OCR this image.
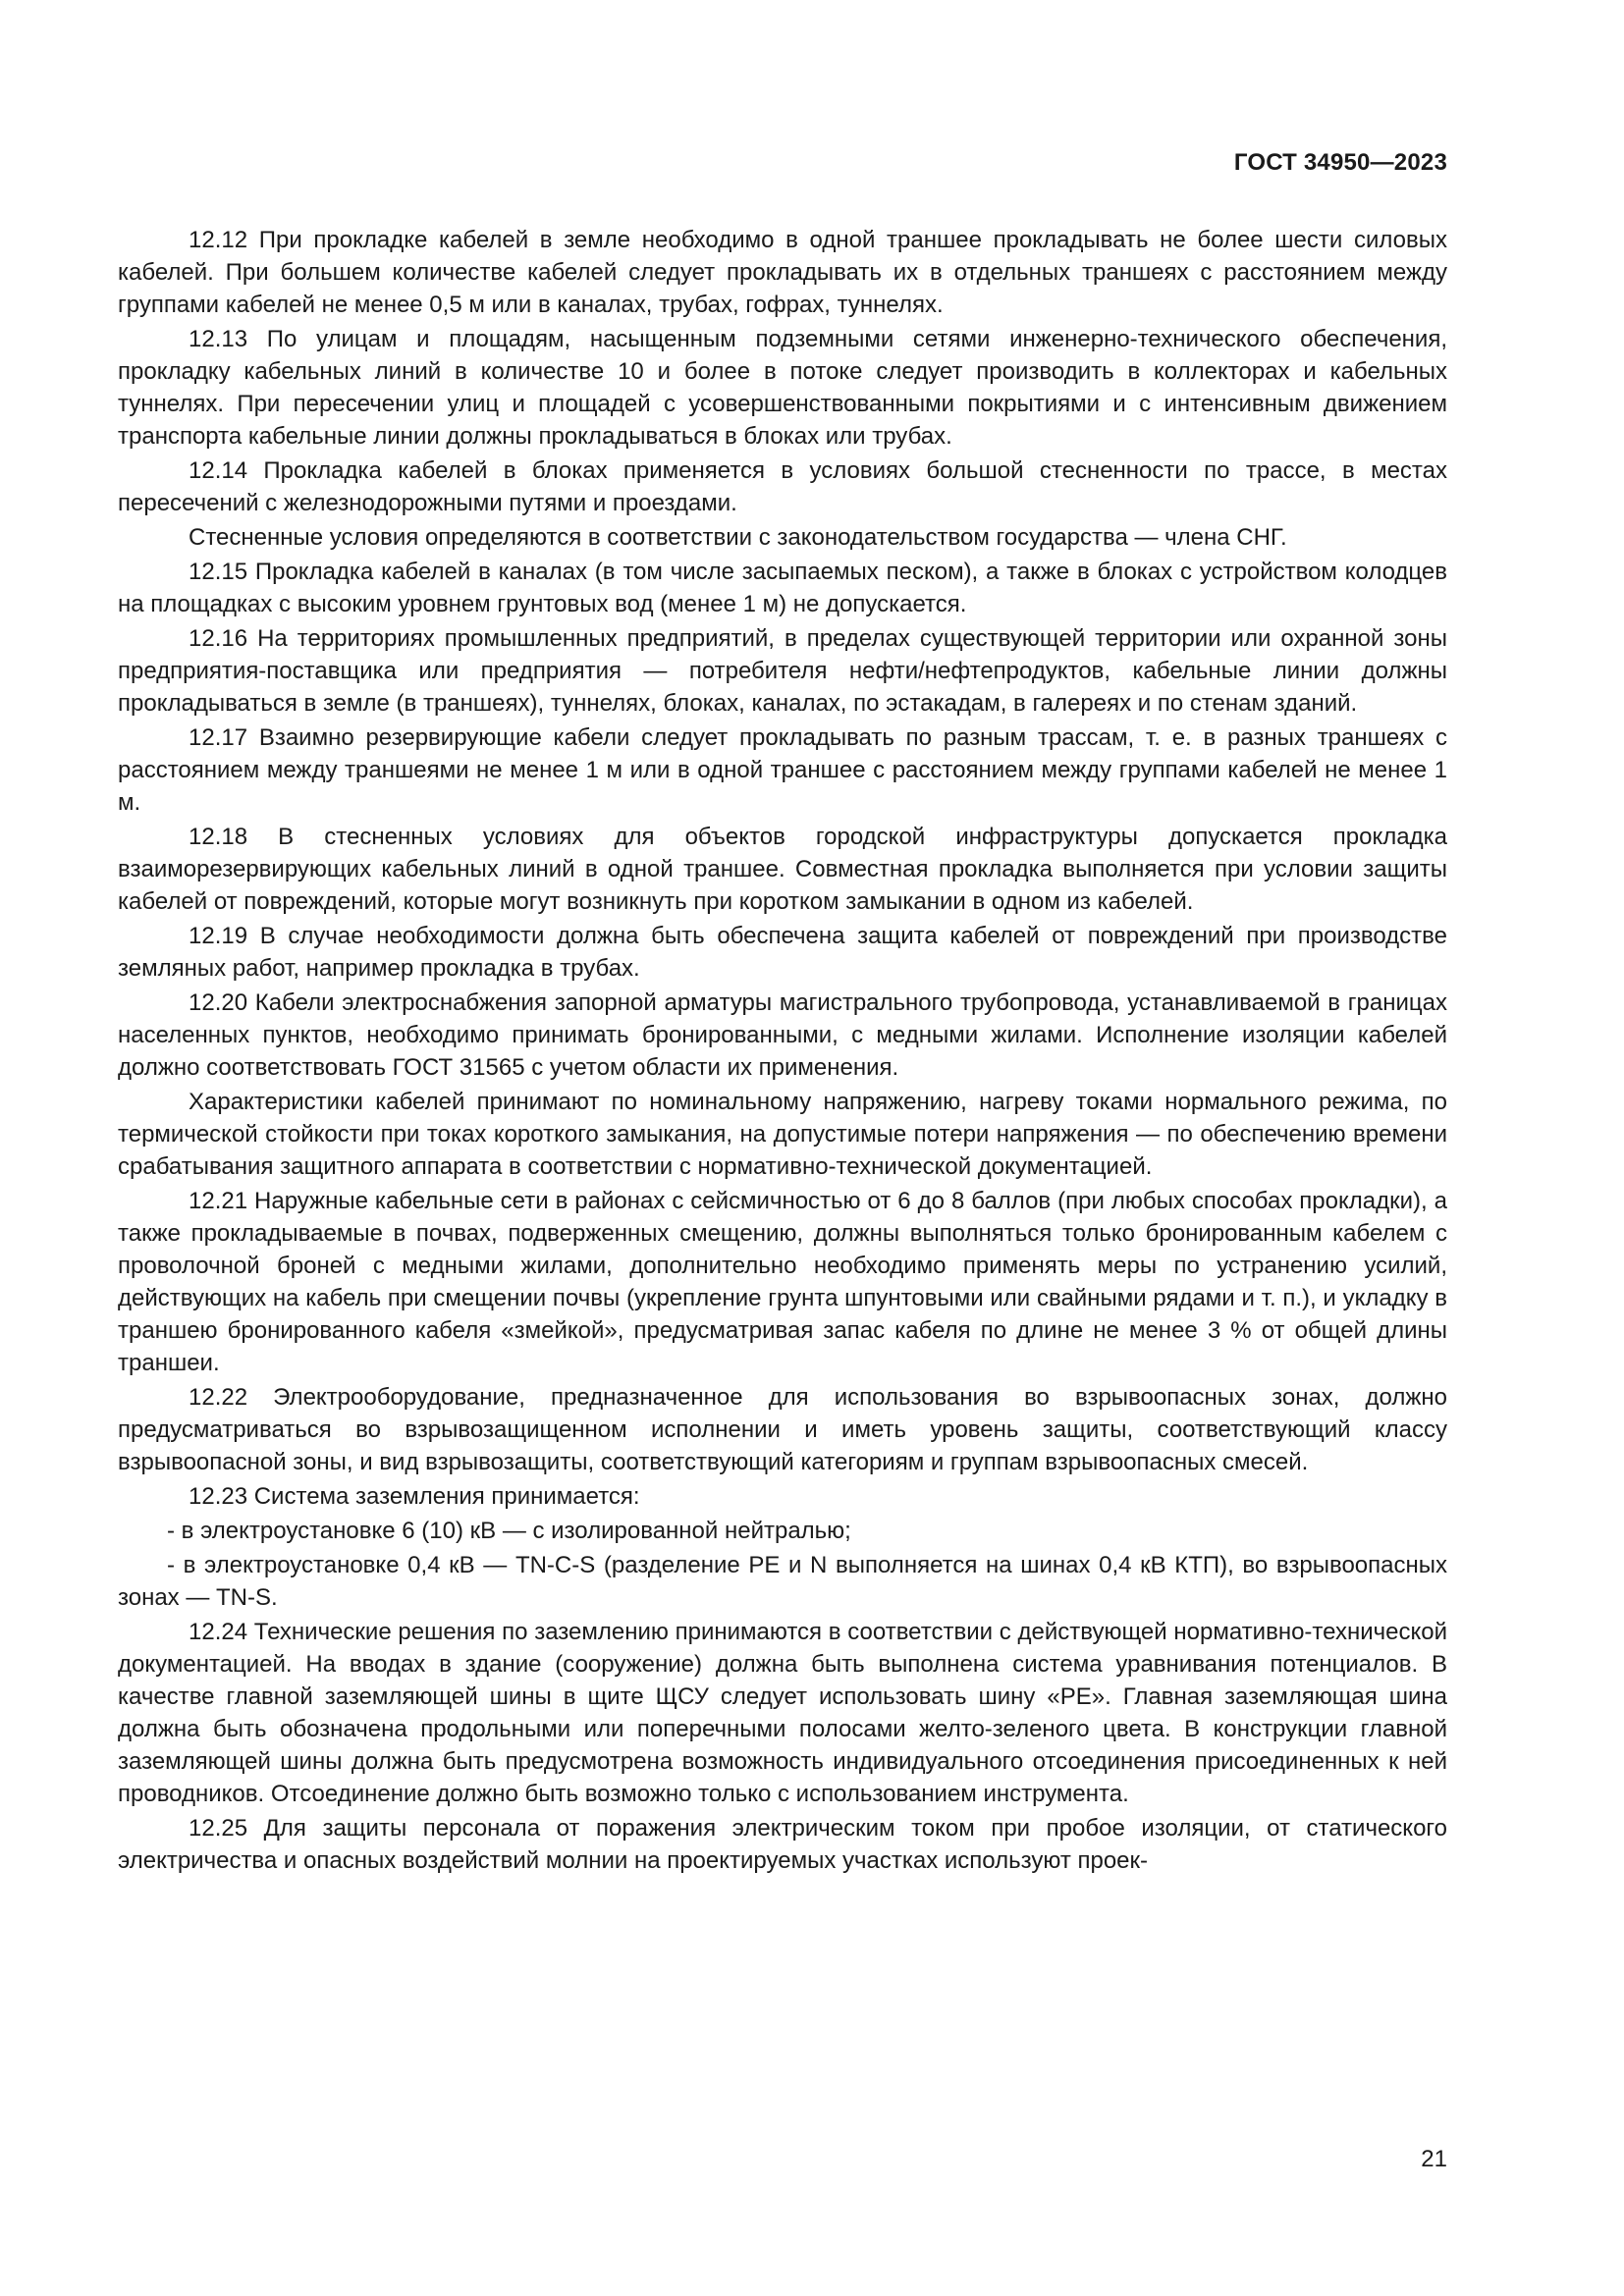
ГОСТ 34950—2023

12.12 При прокладке кабелей в земле необходимо в одной траншее прокладывать не более шести силовых кабелей. При большем количестве кабелей следует прокладывать их в отдельных траншеях с расстоянием между группами кабелей не менее 0,5 м или в каналах, трубах, гофрах, туннелях.

12.13 По улицам и площадям, насыщенным подземными сетями инженерно-технического обеспечения, прокладку кабельных линий в количестве 10 и более в потоке следует производить в коллекторах и кабельных туннелях. При пересечении улиц и площадей с усовершенствованными покрытиями и с интенсивным движением транспорта кабельные линии должны прокладываться в блоках или трубах.

12.14 Прокладка кабелей в блоках применяется в условиях большой стесненности по трассе, в местах пересечений с железнодорожными путями и проездами.

Стесненные условия определяются в соответствии с законодательством государства — члена СНГ.

12.15 Прокладка кабелей в каналах (в том числе засыпаемых песком), а также в блоках с устройством колодцев на площадках с высоким уровнем грунтовых вод (менее 1 м) не допускается.

12.16 На территориях промышленных предприятий, в пределах существующей территории или охранной зоны предприятия-поставщика или предприятия — потребителя нефти/нефтепродуктов, кабельные линии должны прокладываться в земле (в траншеях), туннелях, блоках, каналах, по эстакадам, в галереях и по стенам зданий.

12.17 Взаимно резервирующие кабели следует прокладывать по разным трассам, т. е. в разных траншеях с расстоянием между траншеями не менее 1 м или в одной траншее с расстоянием между группами кабелей не менее 1 м.

12.18 В стесненных условиях для объектов городской инфраструктуры допускается прокладка взаиморезервирующих кабельных линий в одной траншее. Совместная прокладка выполняется при условии защиты кабелей от повреждений, которые могут возникнуть при коротком замыкании в одном из кабелей.

12.19 В случае необходимости должна быть обеспечена защита кабелей от повреждений при производстве земляных работ, например прокладка в трубах.

12.20 Кабели электроснабжения запорной арматуры магистрального трубопровода, устанавливаемой в границах населенных пунктов, необходимо принимать бронированными, с медными жилами. Исполнение изоляции кабелей должно соответствовать ГОСТ 31565 с учетом области их применения.

Характеристики кабелей принимают по номинальному напряжению, нагреву токами нормального режима, по термической стойкости при токах короткого замыкания, на допустимые потери напряжения — по обеспечению времени срабатывания защитного аппарата в соответствии с нормативно-технической документацией.

12.21 Наружные кабельные сети в районах с сейсмичностью от 6 до 8 баллов (при любых способах прокладки), а также прокладываемые в почвах, подверженных смещению, должны выполняться только бронированным кабелем с проволочной броней с медными жилами, дополнительно необходимо применять меры по устранению усилий, действующих на кабель при смещении почвы (укрепление грунта шпунтовыми или свайными рядами и т. п.), и укладку в траншею бронированного кабеля «змейкой», предусматривая запас кабеля по длине не менее 3 % от общей длины траншеи.

12.22 Электрооборудование, предназначенное для использования во взрывоопасных зонах, должно предусматриваться во взрывозащищенном исполнении и иметь уровень защиты, соответствующий классу взрывоопасной зоны, и вид взрывозащиты, соответствующий категориям и группам взрывоопасных смесей.

12.23 Система заземления принимается:

- в электроустановке 6 (10) кВ — с изолированной нейтралью;

- в электроустановке 0,4 кВ — TN-C-S (разделение PE и N выполняется на шинах 0,4 кВ КТП), во взрывоопасных зонах — TN-S.

12.24 Технические решения по заземлению принимаются в соответствии с действующей нормативно-технической документацией. На вводах в здание (сооружение) должна быть выполнена система уравнивания потенциалов. В качестве главной заземляющей шины в щите ЩСУ следует использовать шину «PE». Главная заземляющая шина должна быть обозначена продольными или поперечными полосами желто-зеленого цвета. В конструкции главной заземляющей шины должна быть предусмотрена возможность индивидуального отсоединения присоединенных к ней проводников. Отсоединение должно быть возможно только с использованием инструмента.

12.25 Для защиты персонала от поражения электрическим током при пробое изоляции, от статического электричества и опасных воздействий молнии на проектируемых участках используют проек-

21
